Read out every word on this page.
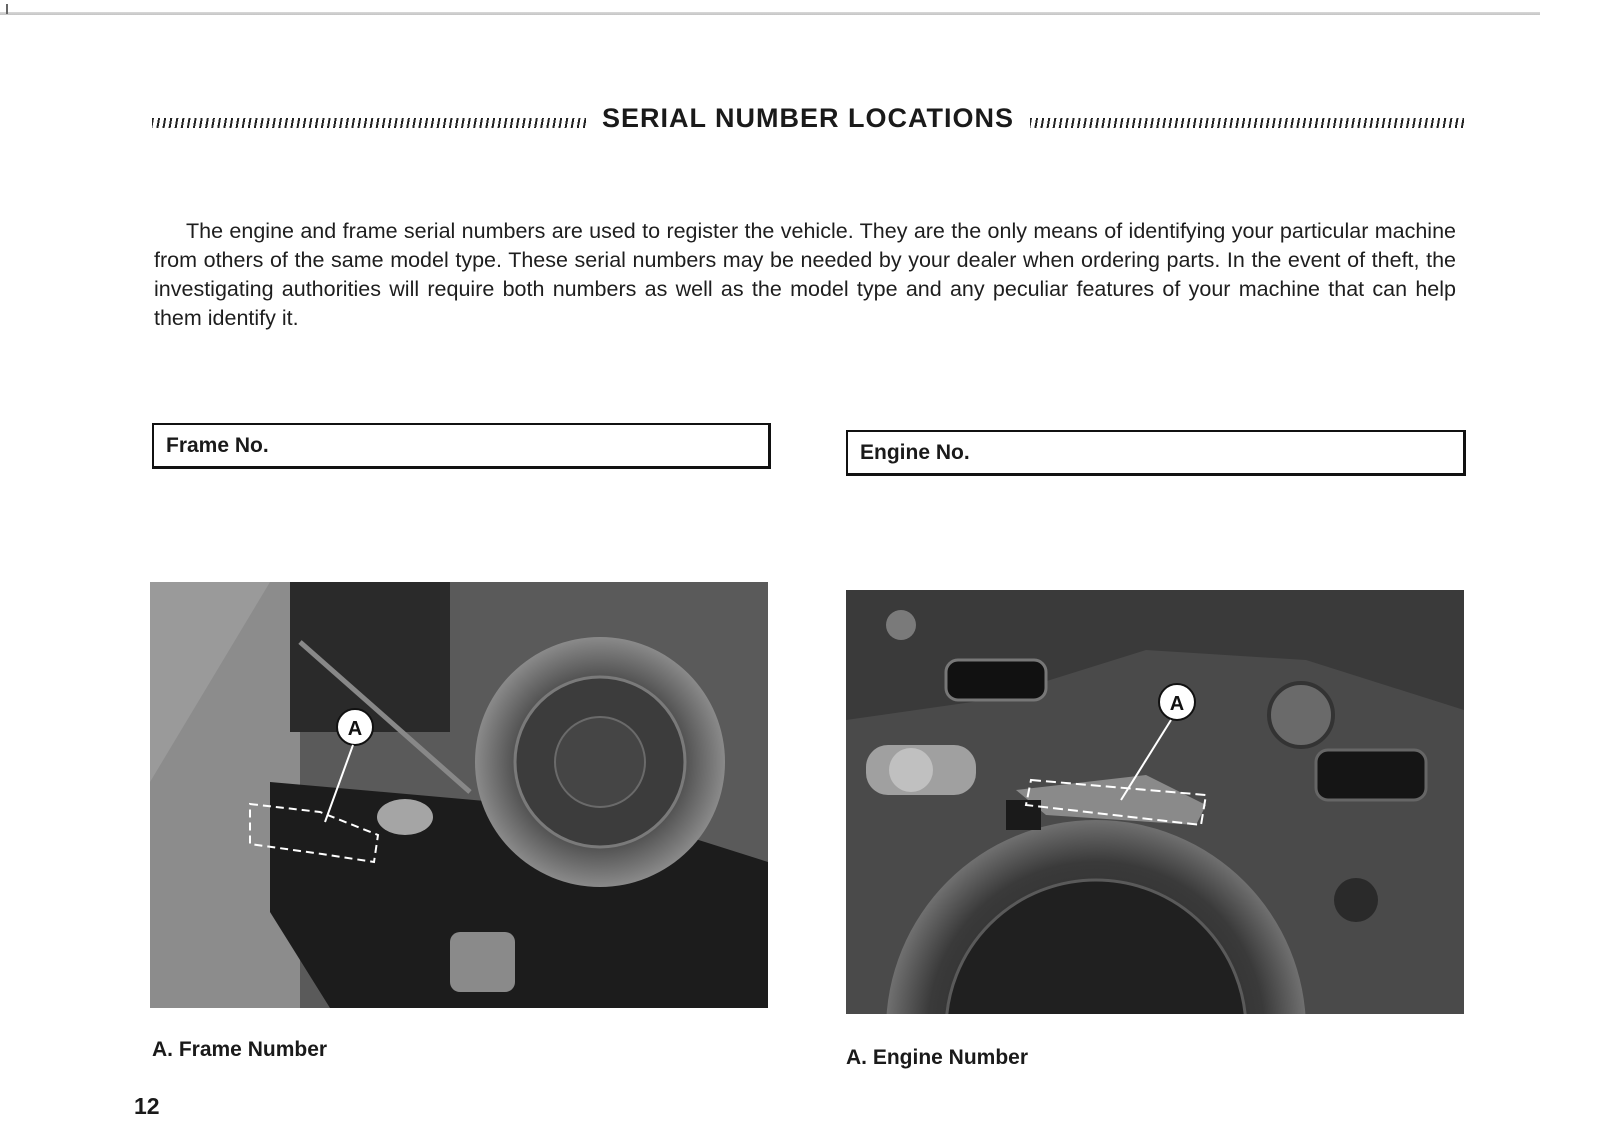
SERIAL NUMBER LOCATIONS

The engine and frame serial numbers are used to register the vehicle. They are the only means of identifying your particular machine from others of the same model type. These serial numbers may be needed by your dealer when ordering parts. In the event of theft, the investigating authorities will require both numbers as well as the model type and any peculiar features of your machine that can help them identify it.

Frame No.	Engine No.
A
A
A. Frame Number	A. Engine Number
12
